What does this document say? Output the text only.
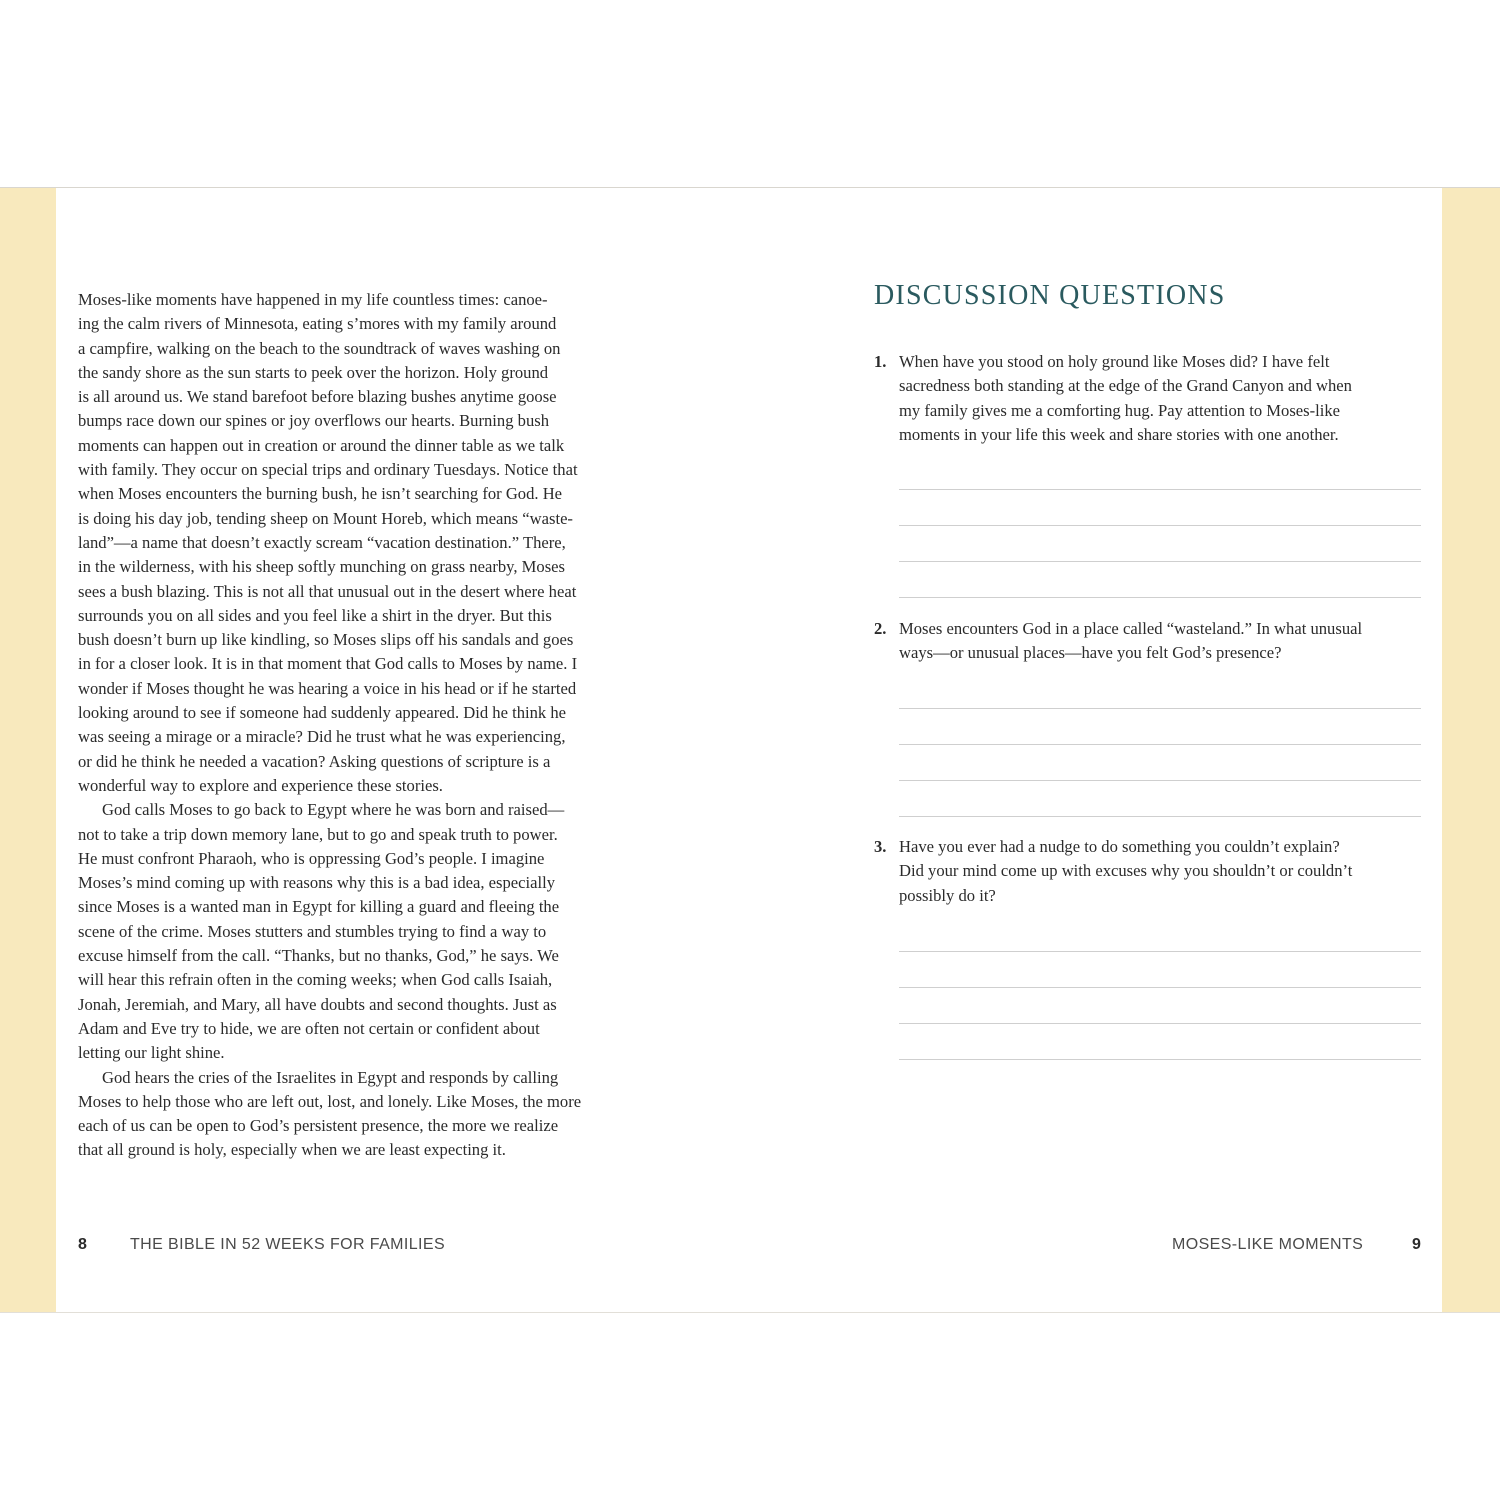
Moses-like moments have happened in my life countless times: canoe-
ing the calm rivers of Minnesota, eating s’mores with my family around
a campfire, walking on the beach to the soundtrack of waves washing on
the sandy shore as the sun starts to peek over the horizon. Holy ground
is all around us. We stand barefoot before blazing bushes anytime goose
bumps race down our spines or joy overflows our hearts. Burning bush
moments can happen out in creation or around the dinner table as we talk
with family. They occur on special trips and ordinary Tuesdays. Notice that
when Moses encounters the burning bush, he isn’t searching for God. He
is doing his day job, tending sheep on Mount Horeb, which means “waste-
land”—a name that doesn’t exactly scream “vacation destination.” There,
in the wilderness, with his sheep softly munching on grass nearby, Moses
sees a bush blazing. This is not all that unusual out in the desert where heat
surrounds you on all sides and you feel like a shirt in the dryer. But this
bush doesn’t burn up like kindling, so Moses slips off his sandals and goes
in for a closer look. It is in that moment that God calls to Moses by name. I
wonder if Moses thought he was hearing a voice in his head or if he started
looking around to see if someone had suddenly appeared. Did he think he
was seeing a mirage or a miracle? Did he trust what he was experiencing,
or did he think he needed a vacation? Asking questions of scripture is a
wonderful way to explore and experience these stories.
God calls Moses to go back to Egypt where he was born and raised—
not to take a trip down memory lane, but to go and speak truth to power.
He must confront Pharaoh, who is oppressing God’s people. I imagine
Moses’s mind coming up with reasons why this is a bad idea, especially
since Moses is a wanted man in Egypt for killing a guard and fleeing the
scene of the crime. Moses stutters and stumbles trying to find a way to
excuse himself from the call. “Thanks, but no thanks, God,” he says. We
will hear this refrain often in the coming weeks; when God calls Isaiah,
Jonah, Jeremiah, and Mary, all have doubts and second thoughts. Just as
Adam and Eve try to hide, we are often not certain or confident about
letting our light shine.
God hears the cries of the Israelites in Egypt and responds by calling
Moses to help those who are left out, lost, and lonely. Like Moses, the more
each of us can be open to God’s persistent presence, the more we realize
that all ground is holy, especially when we are least expecting it.
8	THE BIBLE IN 52 WEEKS FOR FAMILIES
DISCUSSION QUESTIONS
1. When have you stood on holy ground like Moses did? I have felt
sacredness both standing at the edge of the Grand Canyon and when
my family gives me a comforting hug. Pay attention to Moses-like
moments in your life this week and share stories with one another.
2. Moses encounters God in a place called “wasteland.” In what unusual
ways—or unusual places—have you felt God’s presence?
3. Have you ever had a nudge to do something you couldn’t explain?
Did your mind come up with excuses why you shouldn’t or couldn’t
possibly do it?
MOSES-LIKE MOMENTS	9
